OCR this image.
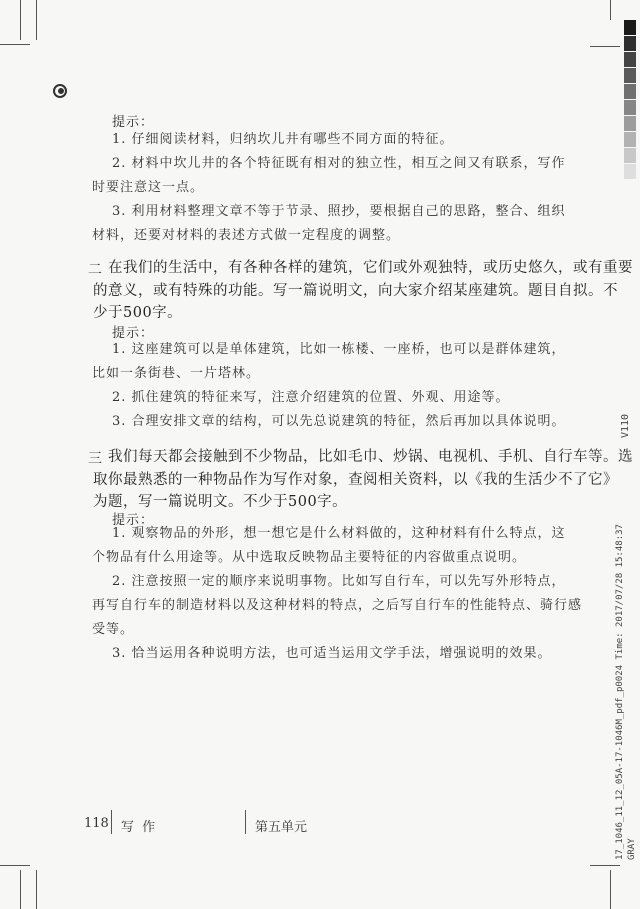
提示：
1. 仔细阅读材料，归纳坎儿井有哪些不同方面的特征。
2. 材料中坎儿井的各个特征既有相对的独立性，相互之间又有联系，写作
时要注意这一点。
3. 利用材料整理文章不等于节录、照抄，要根据自己的思路，整合、组织
材料，还要对材料的表述方式做一定程度的调整。
二 在我们的生活中，有各种各样的建筑，它们或外观独特，或历史悠久，或有重要
的意义，或有特殊的功能。写一篇说明文，向大家介绍某座建筑。题目自拟。不
少于500字。
提示：
1. 这座建筑可以是单体建筑，比如一栋楼、一座桥，也可以是群体建筑，
比如一条街巷、一片塔林。
2. 抓住建筑的特征来写，注意介绍建筑的位置、外观、用途等。
3. 合理安排文章的结构，可以先总说建筑的特征，然后再加以具体说明。
三 我们每天都会接触到不少物品，比如毛巾、炒锅、电视机、手机、自行车等。选
取你最熟悉的一种物品作为写作对象，查阅相关资料，以《我的生活少不了它》
为题，写一篇说明文。不少于500字。
提示：
1. 观察物品的外形，想一想它是什么材料做的，这种材料有什么特点，这
个物品有什么用途等。从中选取反映物品主要特征的内容做重点说明。
2. 注意按照一定的顺序来说明事物。比如写自行车，可以先写外形特点，
再写自行车的制造材料以及这种材料的特点，之后写自行车的性能特点、骑行感
受等。
3. 恰当运用各种说明方法，也可适当运用文学手法，增强说明的效果。
118 写 作	第五单元
V110
17_1046_11_12_05A-17-1046M_pdf_p0024 Time: 2017/07/28 15:48:37 GRAY
